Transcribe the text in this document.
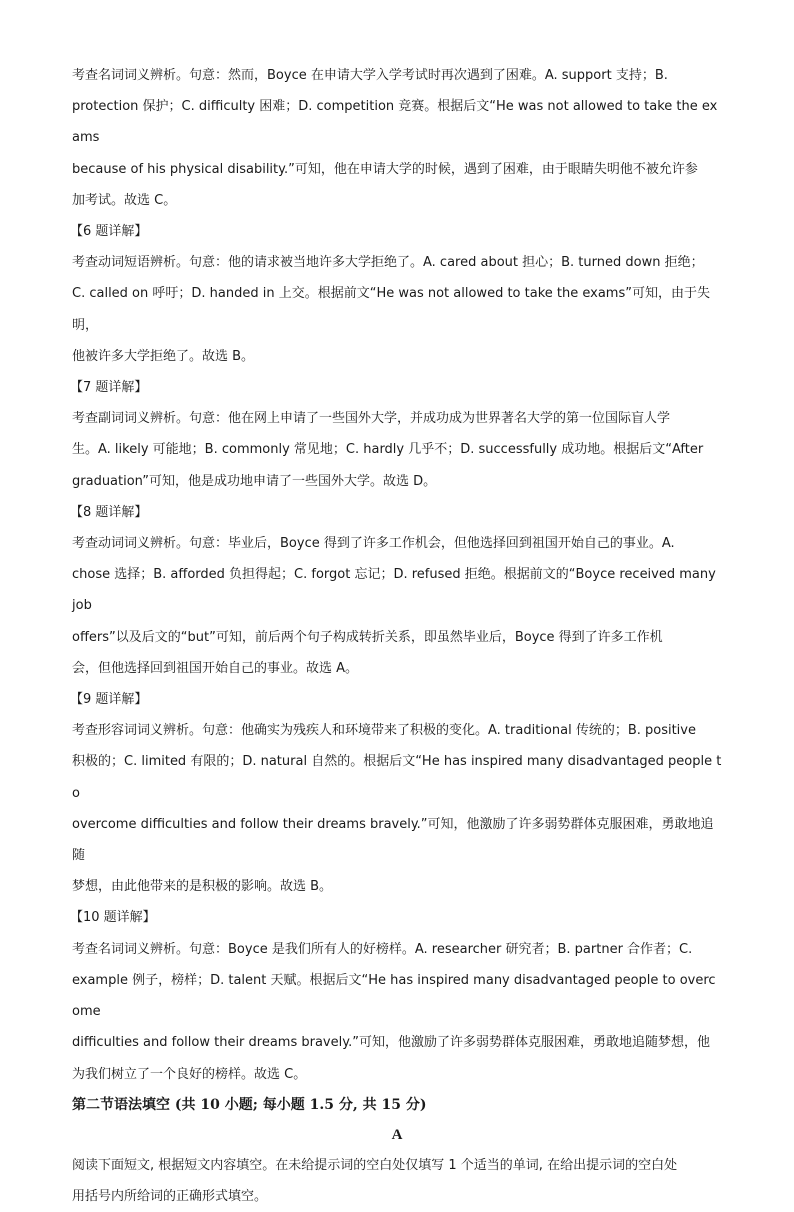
考查名词词义辨析。句意：然而，Boyce 在申请大学入学考试时再次遇到了困难。A. support 支持；B.
protection 保护；C. difficulty 困难；D. competition 竞赛。根据后文“He was not allowed to take the exams
because of his physical disability.”可知，他在申请大学的时候，遇到了困难，由于眼睛失明他不被允许参
加考试。故选 C。

【6 题详解】

考查动词短语辨析。句意：他的请求被当地许多大学拒绝了。A. cared about 担心；B. turned down 拒绝；
C. called on 呼吁；D. handed in 上交。根据前文“He was not allowed to take the exams”可知，由于失明，
他被许多大学拒绝了。故选 B。

【7 题详解】

考查副词词义辨析。句意：他在网上申请了一些国外大学，并成功成为世界著名大学的第一位国际盲人学
生。A. likely 可能地；B. commonly 常见地；C. hardly 几乎不；D. successfully 成功地。根据后文“After
graduation”可知，他是成功地申请了一些国外大学。故选 D。

【8 题详解】

考查动词词义辨析。句意：毕业后，Boyce 得到了许多工作机会，但他选择回到祖国开始自己的事业。A.
chose 选择；B. afforded 负担得起；C. forgot 忘记；D. refused 拒绝。根据前文的“Boyce received many job
offers”以及后文的“but”可知，前后两个句子构成转折关系，即虽然毕业后，Boyce 得到了许多工作机
会，但他选择回到祖国开始自己的事业。故选 A。

【9 题详解】

考查形容词词义辨析。句意：他确实为残疾人和环境带来了积极的变化。A. traditional 传统的；B. positive
积极的；C. limited 有限的；D. natural 自然的。根据后文“He has inspired many disadvantaged people to
overcome difficulties and follow their dreams bravely.”可知，他激励了许多弱势群体克服困难，勇敢地追随
梦想，由此他带来的是积极的影响。故选 B。

【10 题详解】

考查名词词义辨析。句意：Boyce 是我们所有人的好榜样。A. researcher 研究者；B. partner 合作者；C.
example 例子，榜样；D. talent 天赋。根据后文“He has inspired many disadvantaged people to overcome
difficulties and follow their dreams bravely.”可知，他激励了许多弱势群体克服困难，勇敢地追随梦想，他
为我们树立了一个良好的榜样。故选 C。

第二节语法填空 (共 10 小题; 每小题 1.5 分, 共 15 分)

A

阅读下面短文, 根据短文内容填空。在未给提示词的空白处仅填写 1 个适当的单词, 在给出提示词的空白处
用括号内所给词的正确形式填空。
